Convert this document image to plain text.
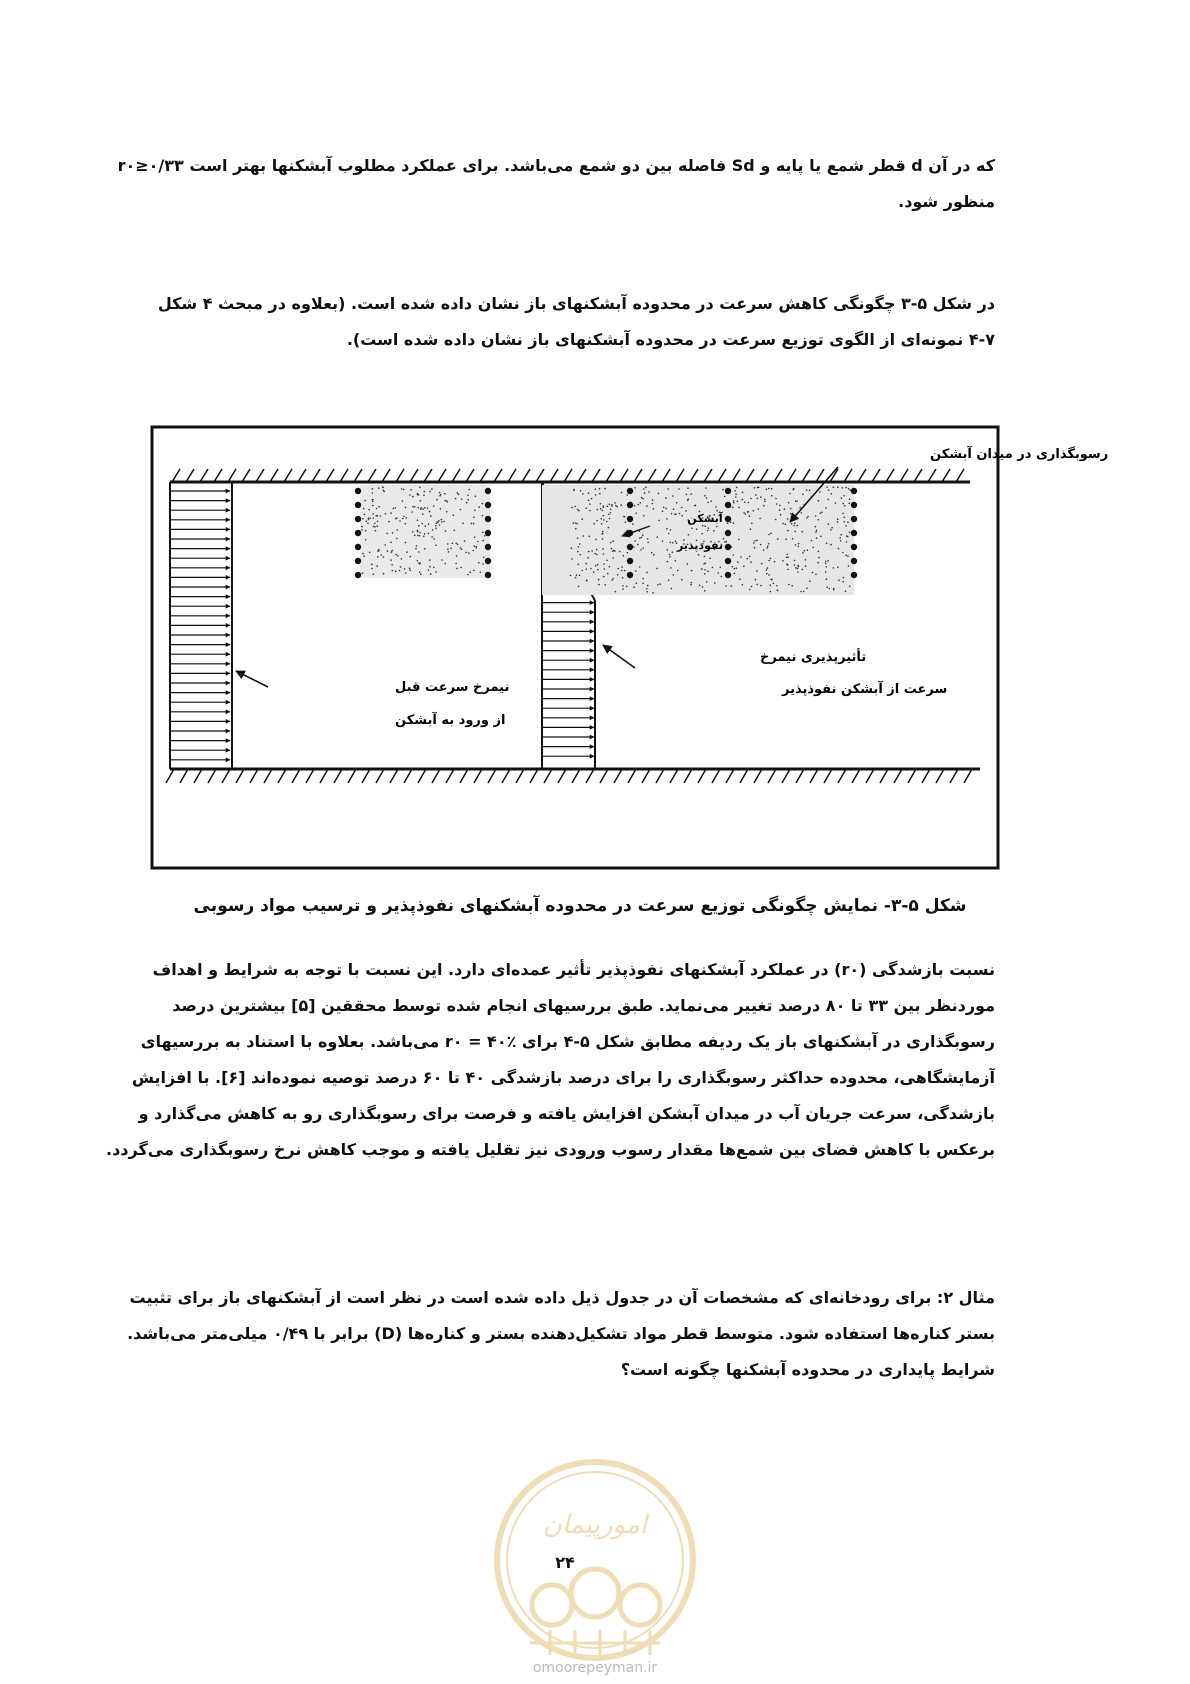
که در آن d قطر شمع یا پایه و Sd فاصله بین دو شمع می‌باشد. برای عملکرد مطلوب آبشکنها بهتر است r۰≥۰/۳۳
منظور شود.
در شکل ۵-۳ چگونگی کاهش سرعت در محدوده آبشکنهای باز نشان داده شده است. (بعلاوه در مبحث ۴ شکل
۴-۷ نمونه‌ای از الگوی توزیع سرعت در محدوده آبشکنهای باز نشان داده شده است).
رسوبگذاری در میدان آبشکن
آبشکن
نفوذپذیر
تأثیرپذیری نیمرخ
سرعت از آبشکن نفوذپذیر
نیمرخ سرعت قبل
از ورود به آبشکن
شکل ۵-۳- نمایش چگونگی توزیع سرعت در محدوده آبشکنهای نفوذپذیر و ترسیب مواد رسوبی
نسبت بازشدگی (r۰) در عملکرد آبشکنهای نفوذپذیر تأثیر عمده‌ای دارد. این نسبت با توجه به شرایط و اهداف
موردنظر بین ۳۳ تا ۸۰ درصد تغییر می‌نماید. طبق بررسیهای انجام شده توسط محققین [۵] بیشترین درصد
رسوبگذاری در آبشکنهای باز یک ردیفه مطابق شکل ۵-۴ برای ٪۴۰ = r۰ می‌باشد. بعلاوه با استناد به بررسیهای
آزمایشگاهی، محدوده حداکثر رسوبگذاری را برای درصد بازشدگی ۴۰ تا ۶۰ درصد توصیه نموده‌اند [۶]. با افزایش
بازشدگی، سرعت جریان آب در میدان آبشکن افزایش یافته و فرصت برای رسوبگذاری رو به کاهش می‌گذارد و
برعکس با کاهش فضای بین شمع‌ها مقدار رسوب ورودی نیز تقلیل یافته و موجب کاهش نرخ رسوبگذاری می‌گردد.
مثال ۲: برای رودخانه‌ای که مشخصات آن در جدول ذیل داده شده است در نظر است از آبشکنهای باز برای تثبیت
بستر کناره‌ها استفاده شود. متوسط قطر مواد تشکیل‌دهنده بستر و کناره‌ها (D) برابر با ۰/۴۹ میلی‌متر می‌باشد.
شرایط پایداری در محدوده آبشکنها چگونه است؟
امورپیمان
۲۴
omoorepeyman.ir
